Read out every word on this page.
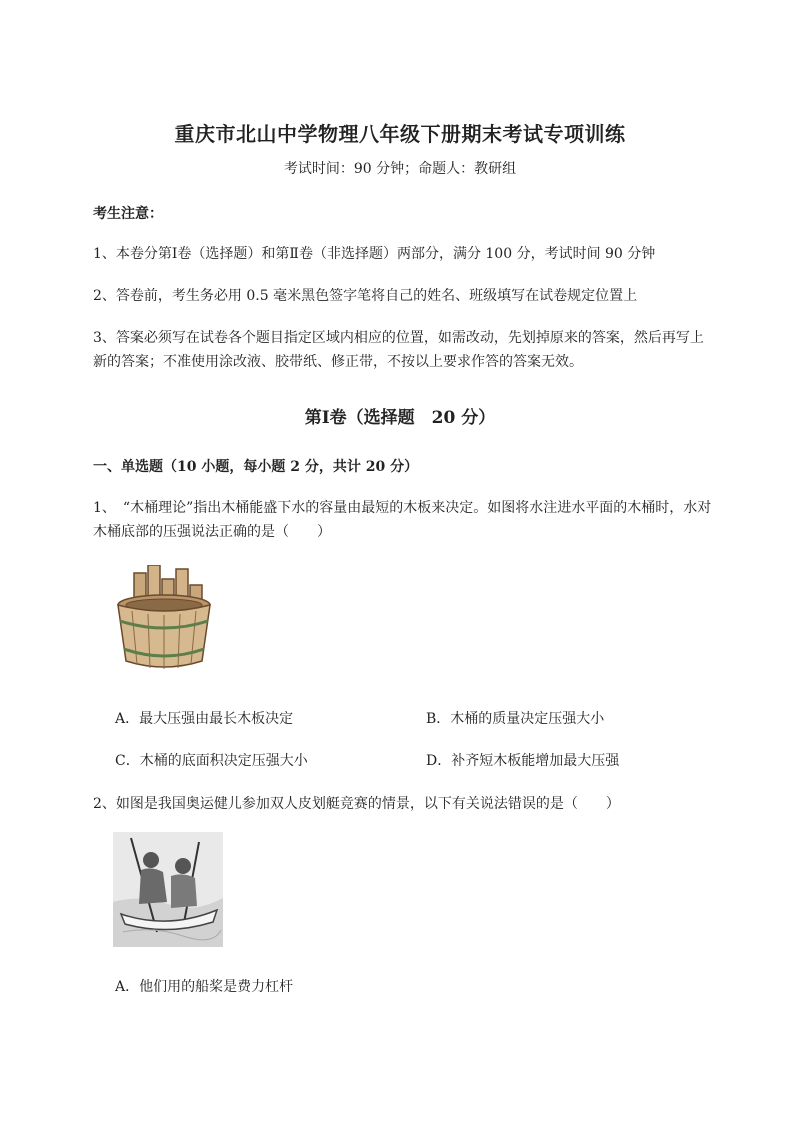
重庆市北山中学物理八年级下册期末考试专项训练
考试时间：90 分钟；命题人：教研组
考生注意：
1、本卷分第Ⅰ卷（选择题）和第Ⅱ卷（非选择题）两部分，满分 100 分，考试时间 90 分钟
2、答卷前，考生务必用 0.5 毫米黑色签字笔将自己的姓名、班级填写在试卷规定位置上
3、答案必须写在试卷各个题目指定区域内相应的位置，如需改动，先划掉原来的答案，然后再写上新的答案；不准使用涂改液、胶带纸、修正带，不按以上要求作答的答案无效。
第Ⅰ卷（选择题　20 分）
一、单选题（10 小题，每小题 2 分，共计 20 分）
1、　“木桶理论”指出木桶能盛下水的容量由最短的木板来决定。如图将水注进水平面的木桶时，水对木桶底部的压强说法正确的是（　　）
A．最大压强由最长木板决定	B．木桶的质量决定压强大小
C．木桶的底面积决定压强大小	D．补齐短木板能增加最大压强
2、如图是我国奥运健儿参加双人皮划艇竞赛的情景，以下有关说法错误的是（　　）
A．他们用的船桨是费力杠杆
